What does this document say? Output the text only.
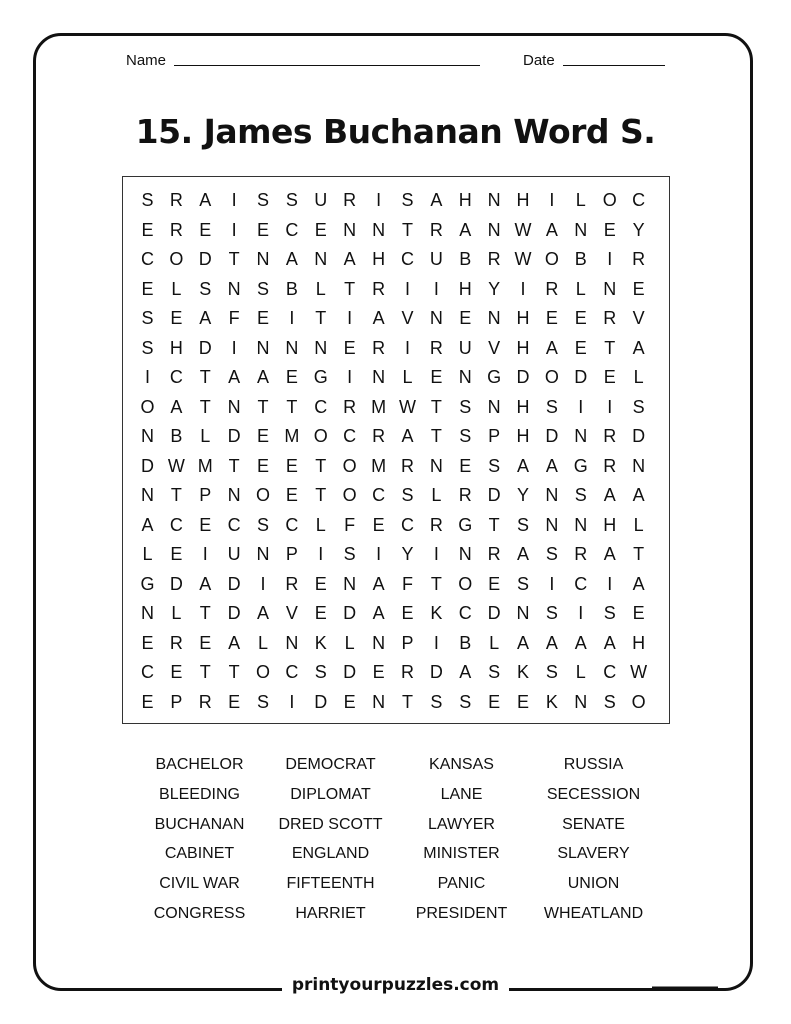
Name	Date
15. James Buchanan Word S.
S R A	I	S S U R	I	S A H N H	I	L O C
E R E	I	E C E N N T R A N W A N E Y
C O D T N A N A H C U B R W O B	I	R
E L S N S B L	T R	I	I	H Y	I	R L N E
S E A F E	I	T	I	A V N E N H E E R V
S H D	I	N N N E R	I	R U V H A E T A
I	C T A A E G	I	N L E N G D O D E L
O A T N T T C R M W T S N H S	I	I	S
N B L D E M O C R A T S P H D N R D
D W M T E E T O M R N E S A A G R N
N T P N O E T O C S L R D Y N S A A
A C E C S C L	F E C R G T S N N H L
L E	I	U N P	I	S	I	Y	I	N R A S R A T
G D A D	I	R E N A F T O E S	I	C	I	A
N L	T D A V E D A E K C D N S	I	S E
E R E A L N K L N P	I	B L A A A A H
C E T T O C S D E R D A S K S L C W
E P R E S	I	D E N T S S E E K N S O
BACHELOR	DEMOCRAT	KANSAS	RUSSIA
BLEEDING	DIPLOMAT	LANE	SECESSION
BUCHANAN	DRED SCOTT	LAWYER	SENATE
CABINET	ENGLAND	MINISTER	SLAVERY
CIVIL WAR	FIFTEENTH	PANIC	UNION
CONGRESS	HARRIET	PRESIDENT	WHEATLAND
printyourpuzzles.com
